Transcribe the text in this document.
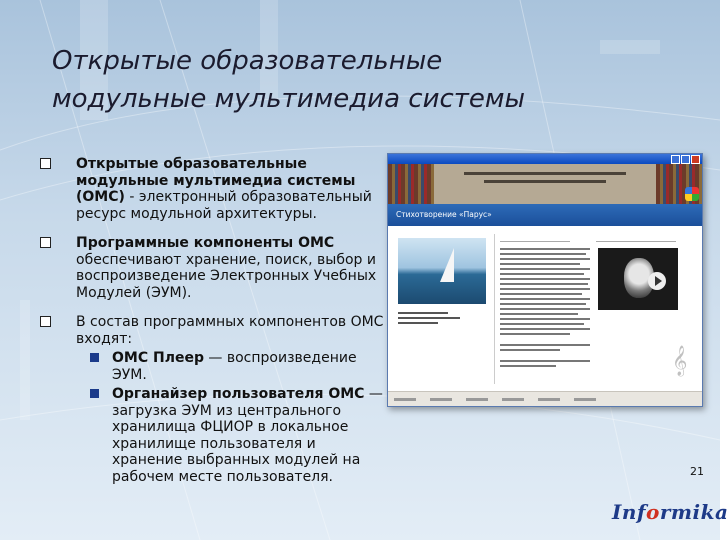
Открытые образовательные
модульные мультимедиа системы
Открытые образовательные модульные мультимедиа системы (ОМС) - электронный образовательный ресурс модульной архитектуры.
Программные компоненты ОМС обеспечивают хранение, поиск, выбор и воспроизведение Электронных Учебных Модулей (ЭУМ).
В состав программных компонентов ОМС входят:
ОМС Плеер — воспроизведение ЭУМ.
Органайзер пользователя ОМС —загрузка ЭУМ из центрального хранилища ФЦИОР в локальное хранилище пользователя и хранение выбранных модулей на рабочем месте пользователя.
Стихотворение «Парус»
𝄞
21
Informika
